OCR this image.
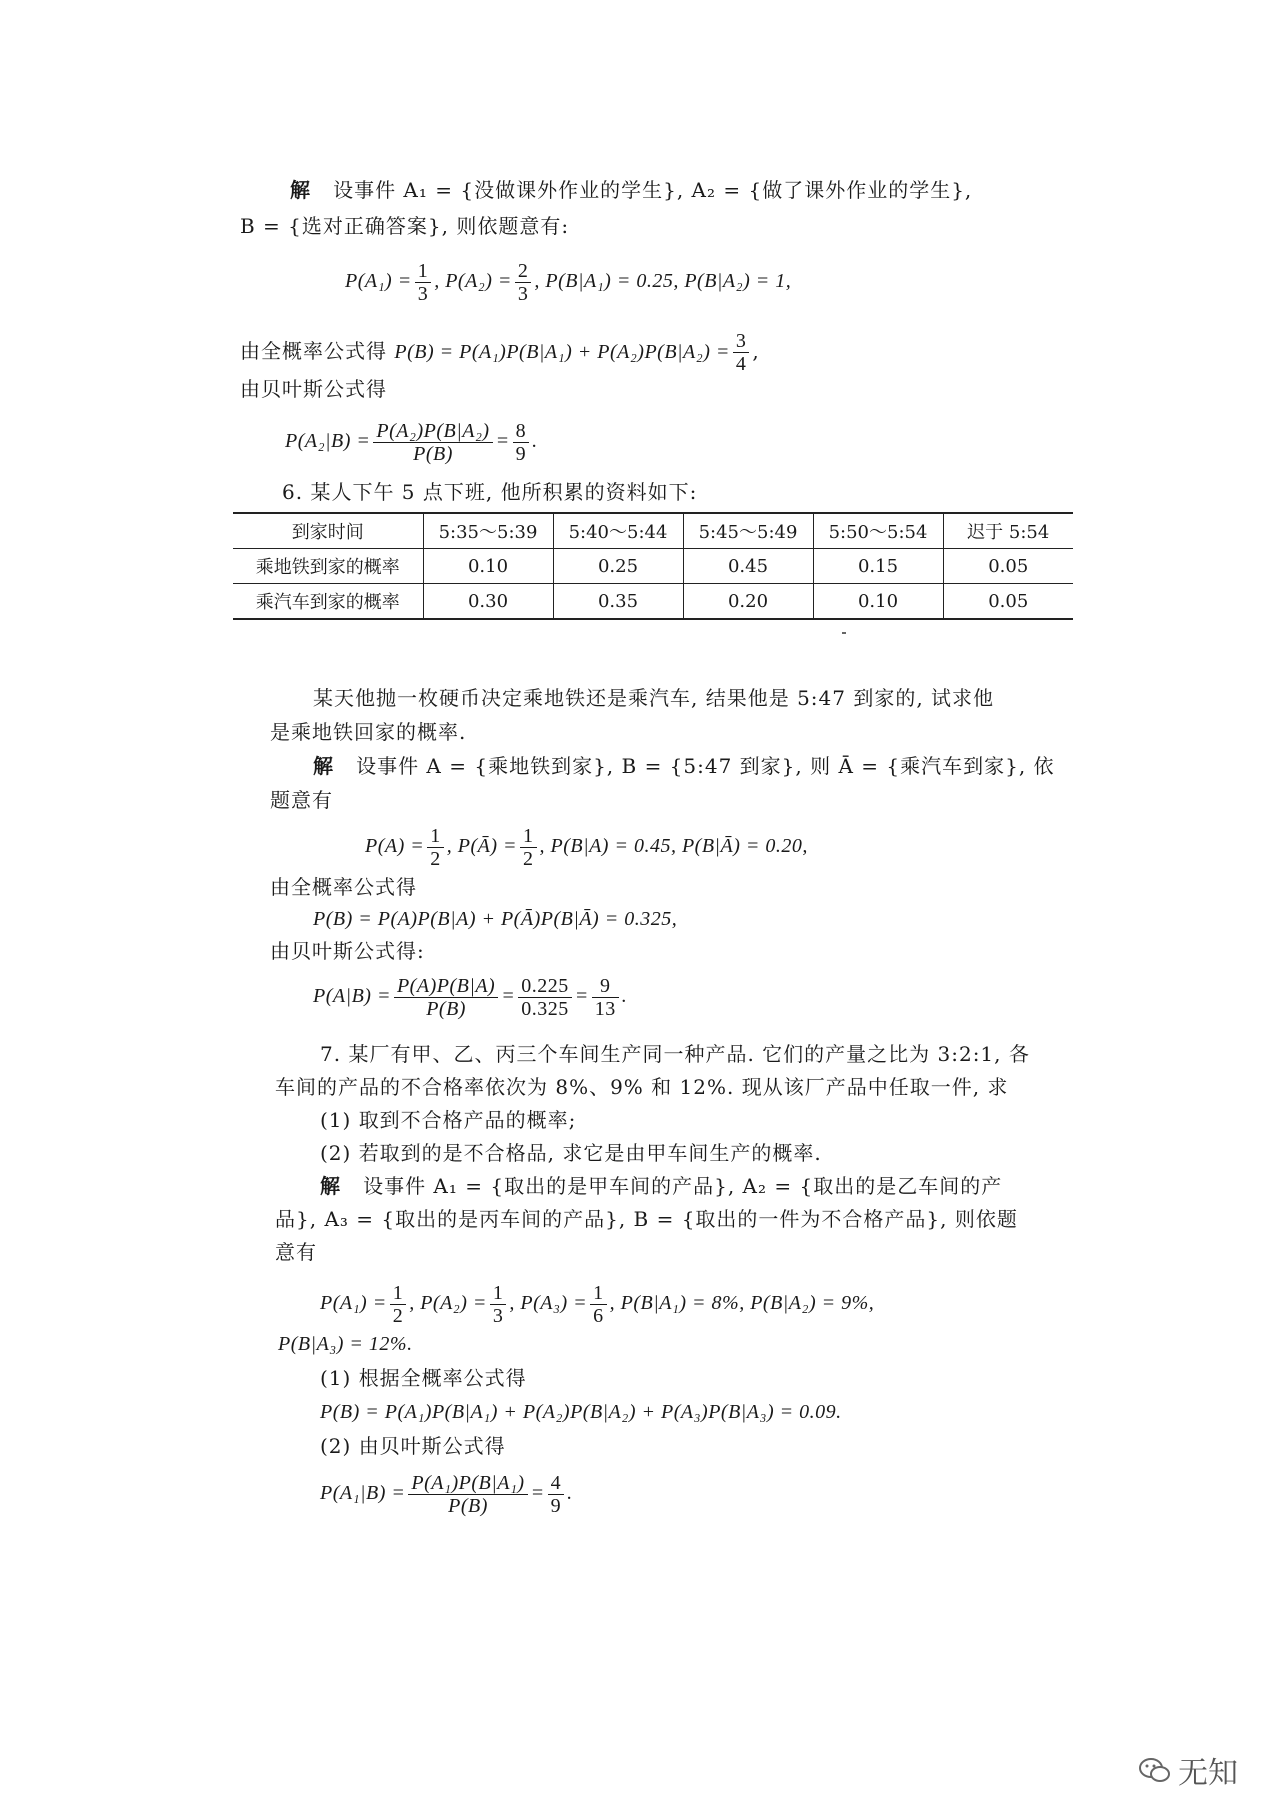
解 设事件 A₁ = {没做课外作业的学生}, A₂ = {做了课外作业的学生},
B = {选对正确答案}, 则依题意有:
$P(A_1) = \frac{1}{3}$ , $P(A_2) = \frac{2}{3}$ , P(B|A₁) = 0.25, P(B|A₂) = 1,
由全概率公式得 $P(B) = P(A_1)P(B|A_1) + P(A_2)P(B|A_2) = \frac{3}{4}$ ,
由贝叶斯公式得
$P(A_2|B) = \frac{\text{P(A₂)P(B|A₂)}}{P(B)} = \frac{8}{9}$ .
6. 某人下午 5 点下班, 他所积累的资料如下:
到家时间	5:35～5:39	5:40～5:44	5:45～5:49	5:50～5:54	迟于 5:54
乘地铁到家的概率	0.10	0.25	0.45	0.15	0.05
乘汽车到家的概率	0.30	0.35	0.20	0.10	0.05
某天他抛一枚硬币决定乘地铁还是乘汽车, 结果他是 5:47 到家的, 试求他
是乘地铁回家的概率.
解 设事件 A = {乘地铁到家}, B = {5:47 到家}, 则 Ā = {乘汽车到家}, 依
题意有
$P(A) = \frac{1}{2}$ , P(Ā) = $\frac{1}{2}$ , P(B|A) = 0.45, P(B|Ā) = 0.20,
由全概率公式得
P(B) = P(A)P(B|A) + P(Ā)P(B|Ā) = 0.325,
由贝叶斯公式得:
$P(A|B) = \frac{P(A)P(B|A)}{P(B)} = \frac{0.225}{0.325} = \frac{9}{13}$ .
7. 某厂有甲、乙、丙三个车间生产同一种产品. 它们的产量之比为 3:2:1, 各
车间的产品的不合格率依次为 8%、9% 和 12%. 现从该厂产品中任取一件, 求
(1) 取到不合格产品的概率;
(2) 若取到的是不合格品, 求它是由甲车间生产的概率.
解 设事件 A₁ = {取出的是甲车间的产品}, A₂ = {取出的是乙车间的产
品}, A₃ = {取出的是丙车间的产品}, B = {取出的一件为不合格产品}, 则依题
意有
$P(A_1) = \frac{1}{2}$ , $P(A_2) = \frac{1}{3}$ , $P(A_3) = \frac{1}{6}$ , P(B|A₁) = 8%, P(B|A₂) = 9%,
P(B|A₃) = 12%.
(1) 根据全概率公式得
P(B) = P(A₁)P(B|A₁) + P(A₂)P(B|A₂) + P(A₃)P(B|A₃) = 0.09.
(2) 由贝叶斯公式得
$P(A_1|B) = \frac{\text{P(A₁)P(B|A₁)}}{P(B)} = \frac{4}{9}$ .
无知
